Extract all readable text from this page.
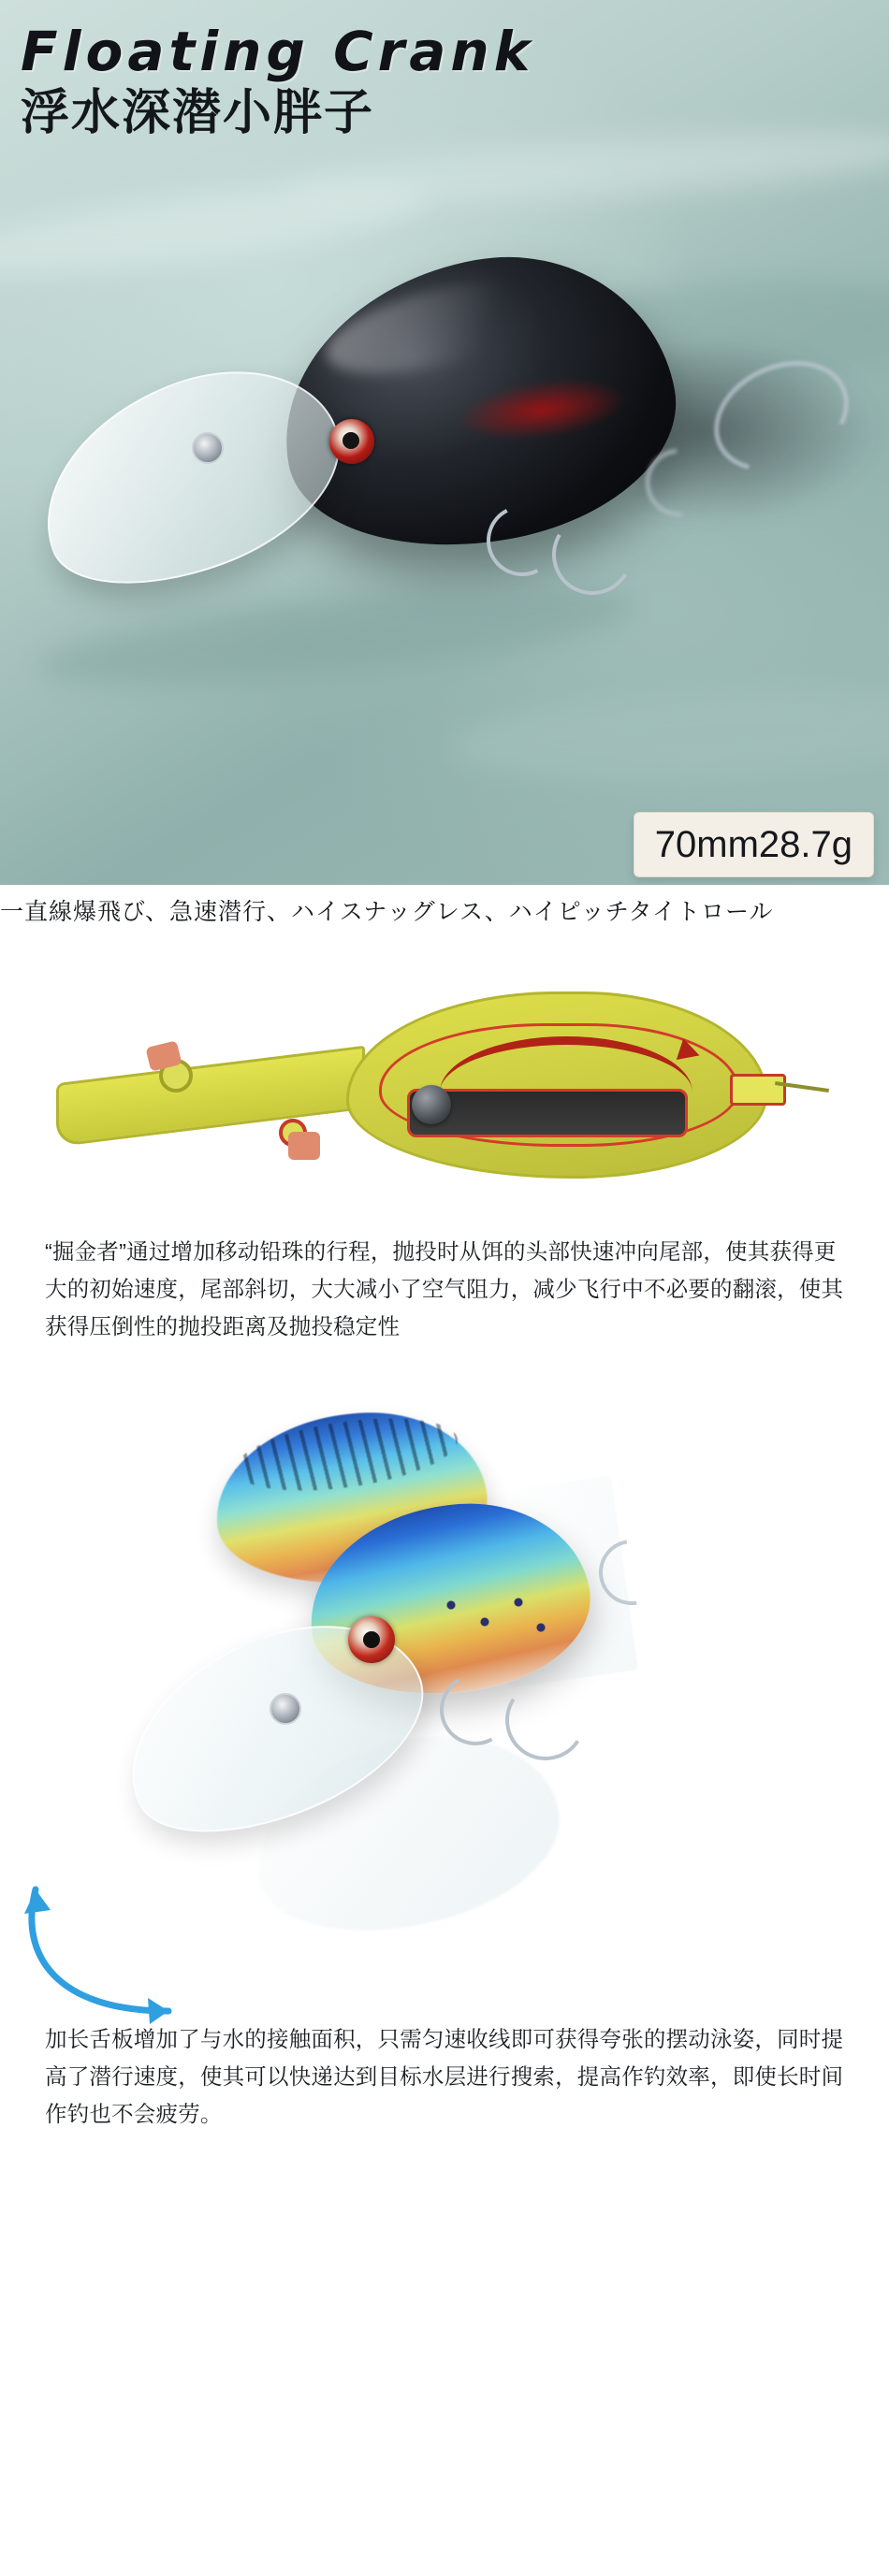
Floating Crank
浮水深潜小胖子
70mm28.7g
一直線爆飛び、急速潜行、ハイスナッグレス、ハイピッチタイトロール

“掘金者”通过增加移动铅珠的行程，抛投时从饵的头部快速冲向尾部，使其获得更大的初始速度，尾部斜切，大大减小了空气阻力，减少飞行中不必要的翻滚，使其获得压倒性的抛投距离及抛投稳定性

加长舌板增加了与水的接触面积，只需匀速收线即可获得夸张的摆动泳姿，同时提高了潜行速度，使其可以快递达到目标水层进行搜索，提高作钓效率，即使长时间作钓也不会疲劳。
